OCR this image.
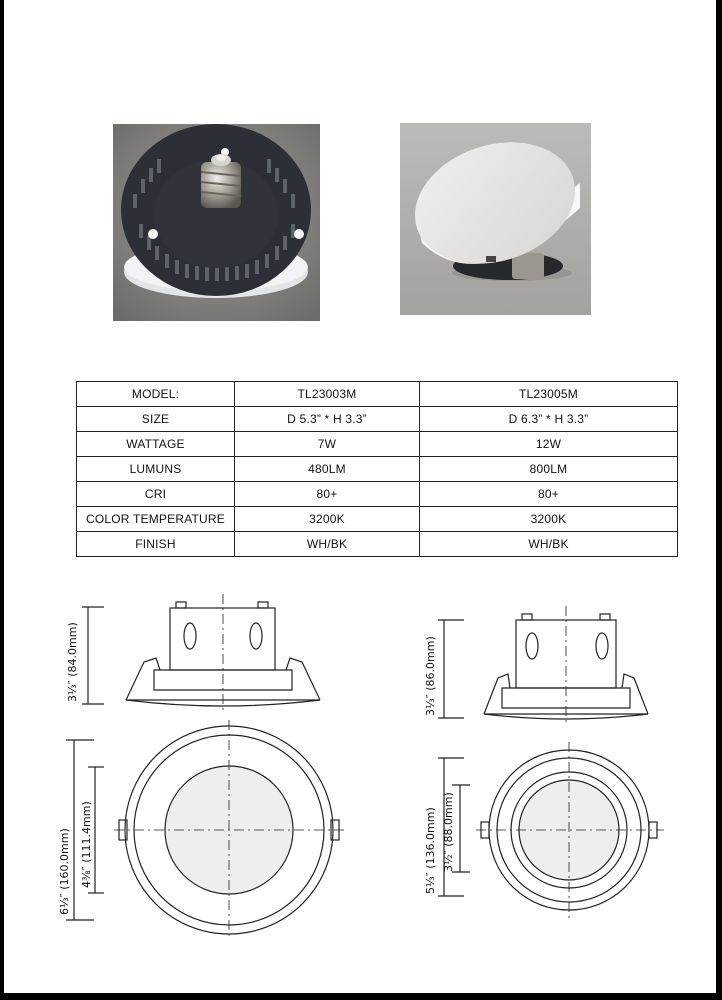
MODEL:	TL23003M	TL23005M
SIZE	D 5.3” * H 3.3”	D 6.3” * H 3.3”
WATTAGE	7W	12W
LUMUNS	480LM	800LM
CRI	80+	80+
COLOR TEMPERATURE	3200K	3200K
FINISH	WH/BK	WH/BK
3⅓″ (84.0mm)
6⅓″ (160.0mm) 4⅜″ (111.4mm)
3⅓″ (86.0mm)
5⅓″ (136.0mm) 3½″ (88.0mm)
